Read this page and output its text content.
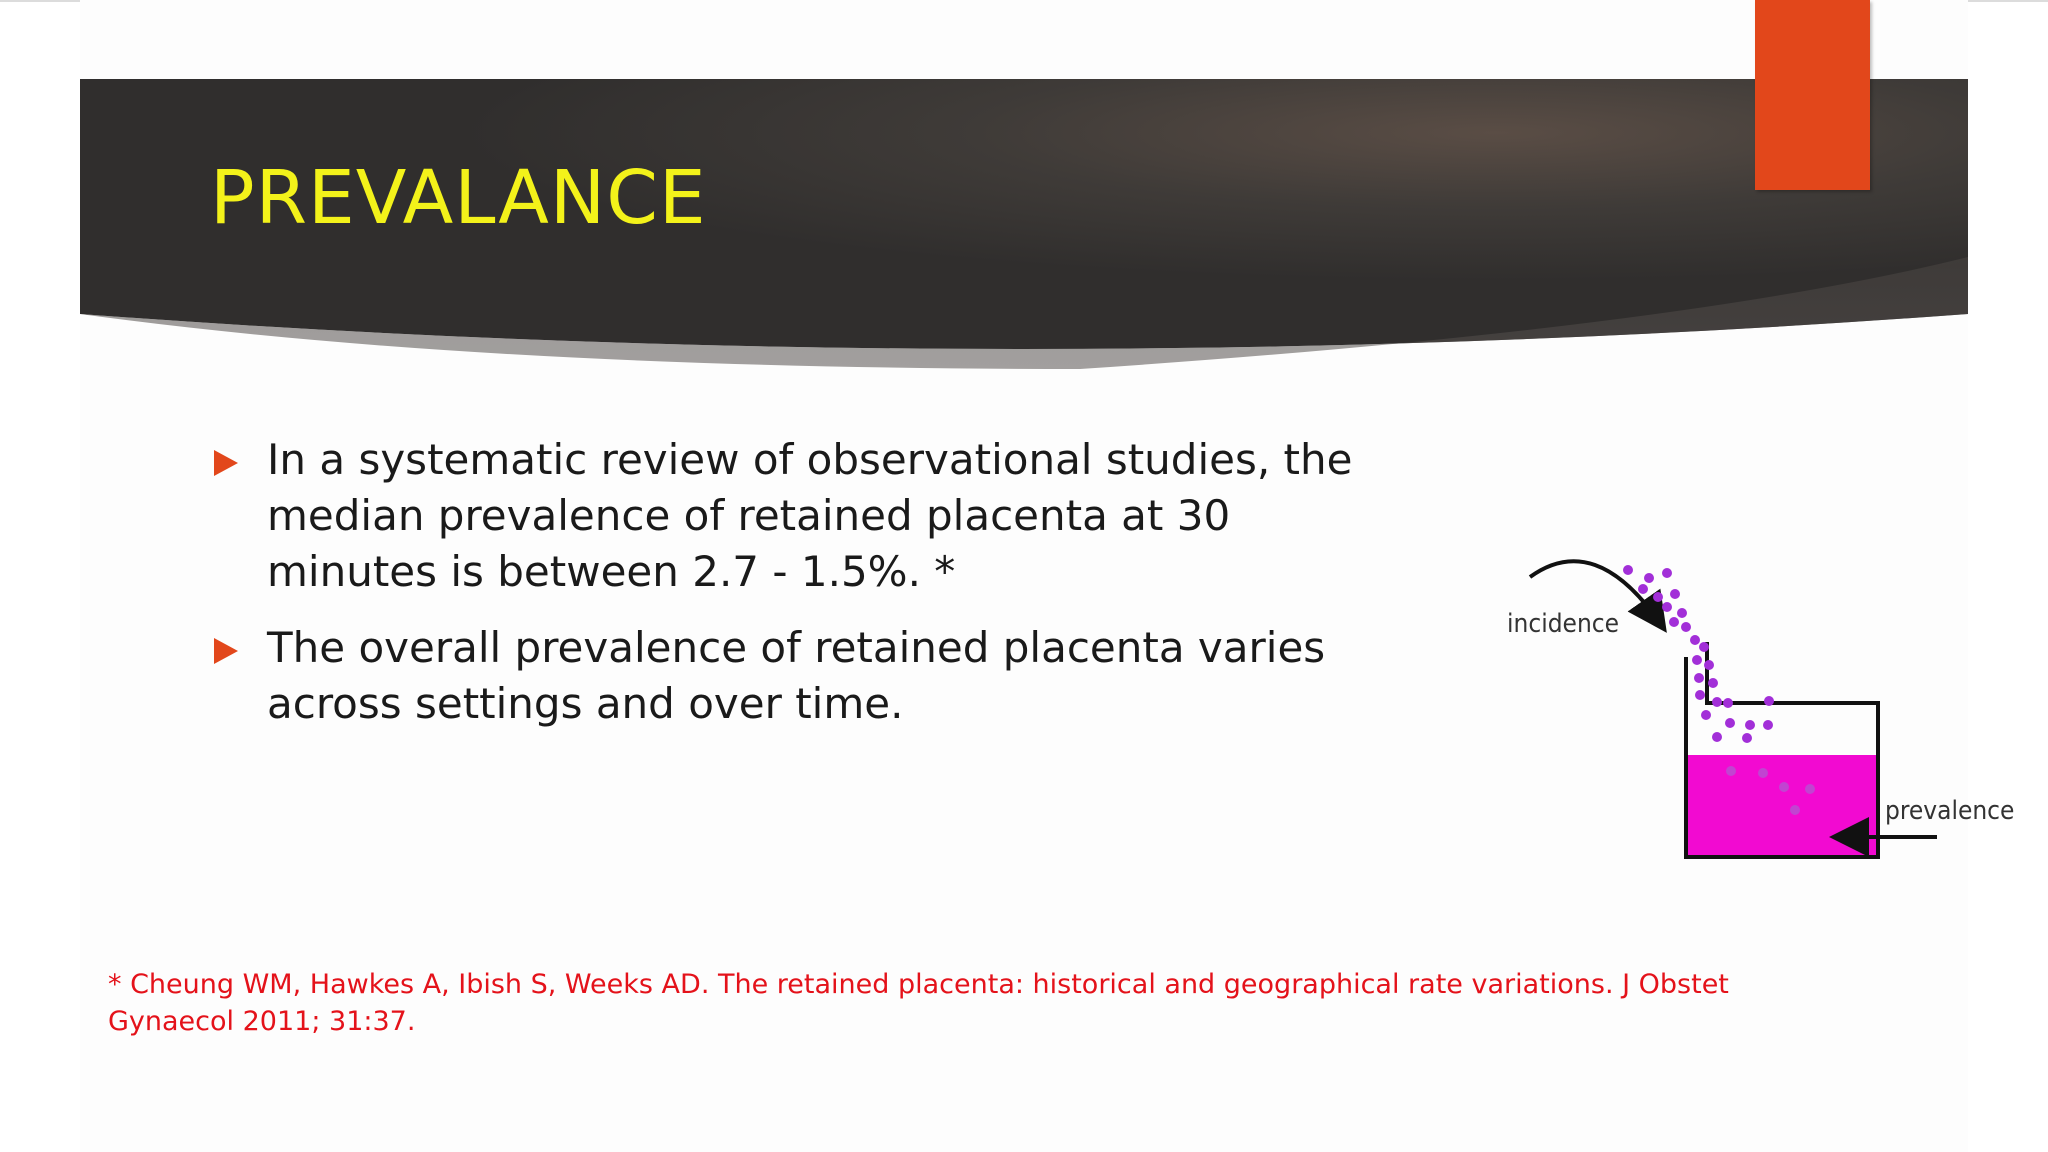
PREVALANCE
In a systematic review of observational studies, the median prevalence of retained placenta at 30 minutes is between 2.7 - 1.5%. *
The overall prevalence of retained placenta varies across settings and over time.
incidence
prevalence

* Cheung WM, Hawkes A, Ibish S, Weeks AD. The retained placenta: historical and geographical rate variations. J Obstet Gynaecol 2011; 31:37.
